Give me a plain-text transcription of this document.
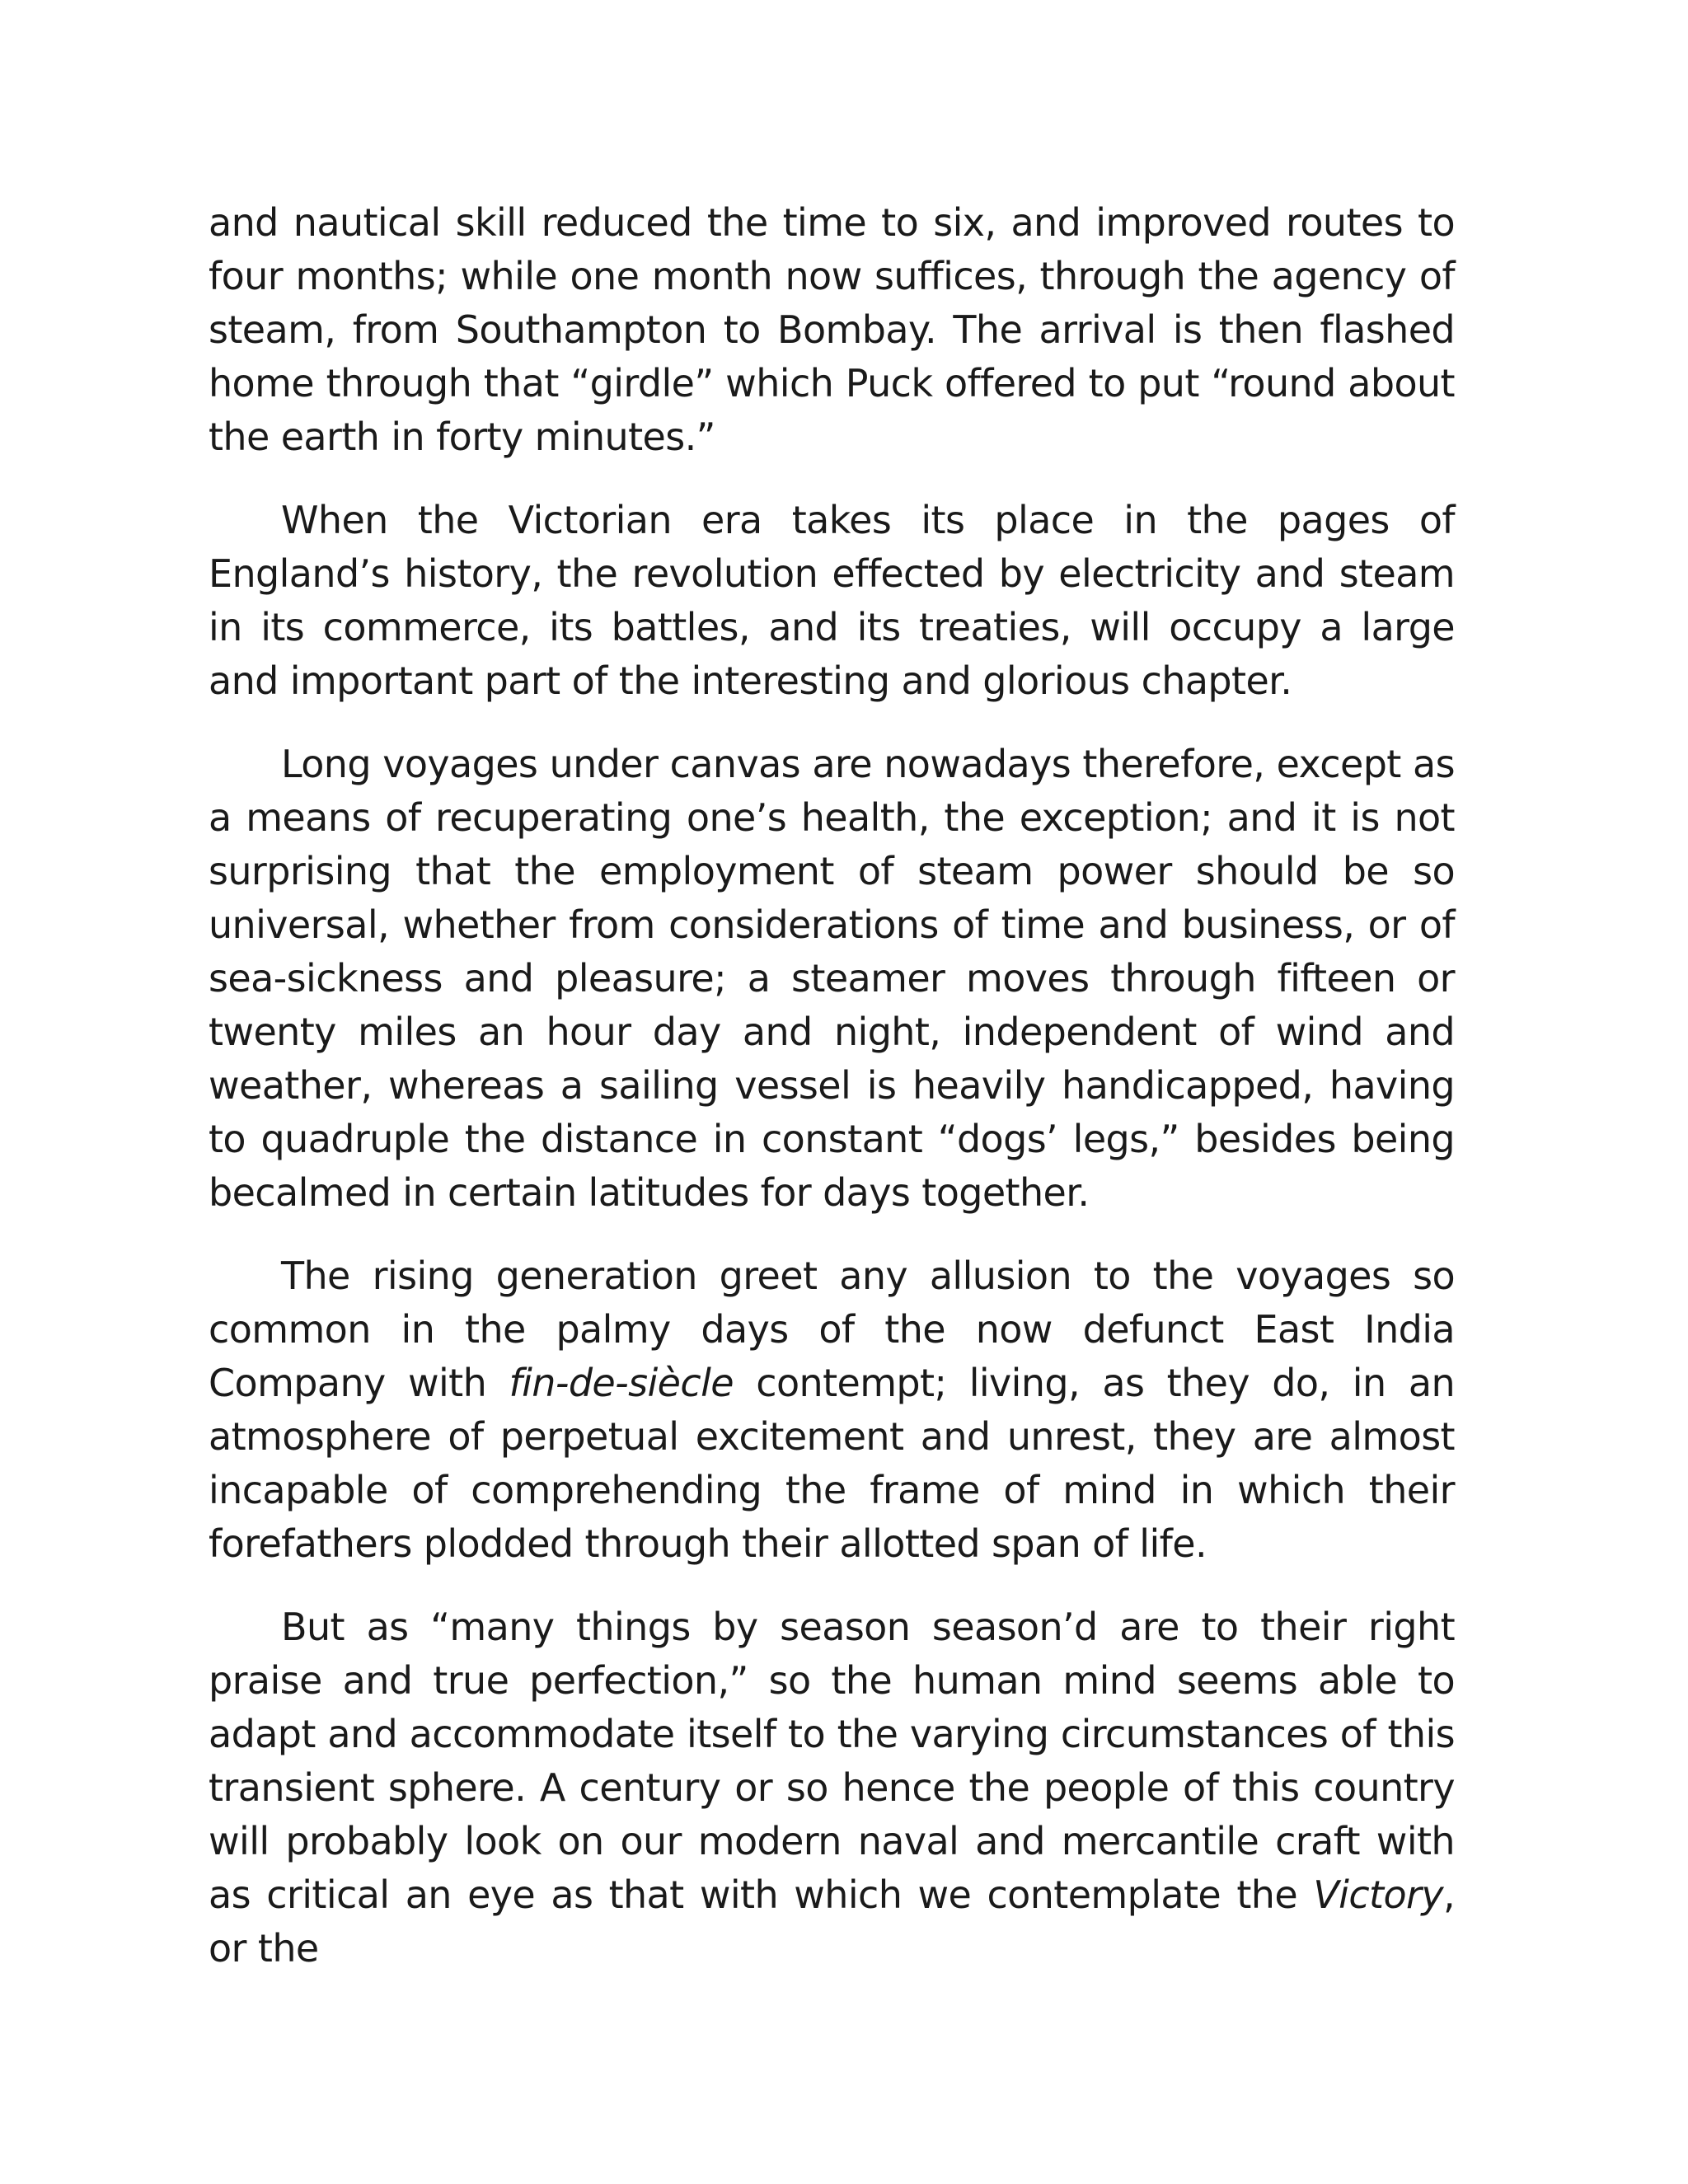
and nautical skill reduced the time to six, and improved routes to four months; while one month now suffices, through the agency of steam, from Southampton to Bombay. The arrival is then flashed home through that “girdle” which Puck offered to put “round about the earth in forty minutes.”

When the Victorian era takes its place in the pages of England’s history, the revolution effected by electricity and steam in its commerce, its battles, and its treaties, will occupy a large and important part of the interesting and glorious chapter.

Long voyages under canvas are nowadays therefore, except as a means of recuperating one’s health, the exception; and it is not surprising that the employment of steam power should be so universal, whether from considerations of time and business, or of sea-sickness and pleasure; a steamer moves through fifteen or twenty miles an hour day and night, independent of wind and weather, whereas a sailing vessel is heavily handicapped, having to quadruple the distance in constant “dogs’ legs,” besides being becalmed in certain latitudes for days together.

The rising generation greet any allusion to the voyages so common in the palmy days of the now defunct East India Company with fin-de-siècle contempt; living, as they do, in an atmosphere of perpetual excitement and unrest, they are almost incapable of comprehending the frame of mind in which their forefathers plodded through their allotted span of life.

But as “many things by season season’d are to their right praise and true perfection,” so the human mind seems able to adapt and accommodate itself to the varying circumstances of this transient sphere. A century or so hence the people of this country will probably look on our modern naval and mercantile craft with as critical an eye as that with which we contemplate the Victory, or the
